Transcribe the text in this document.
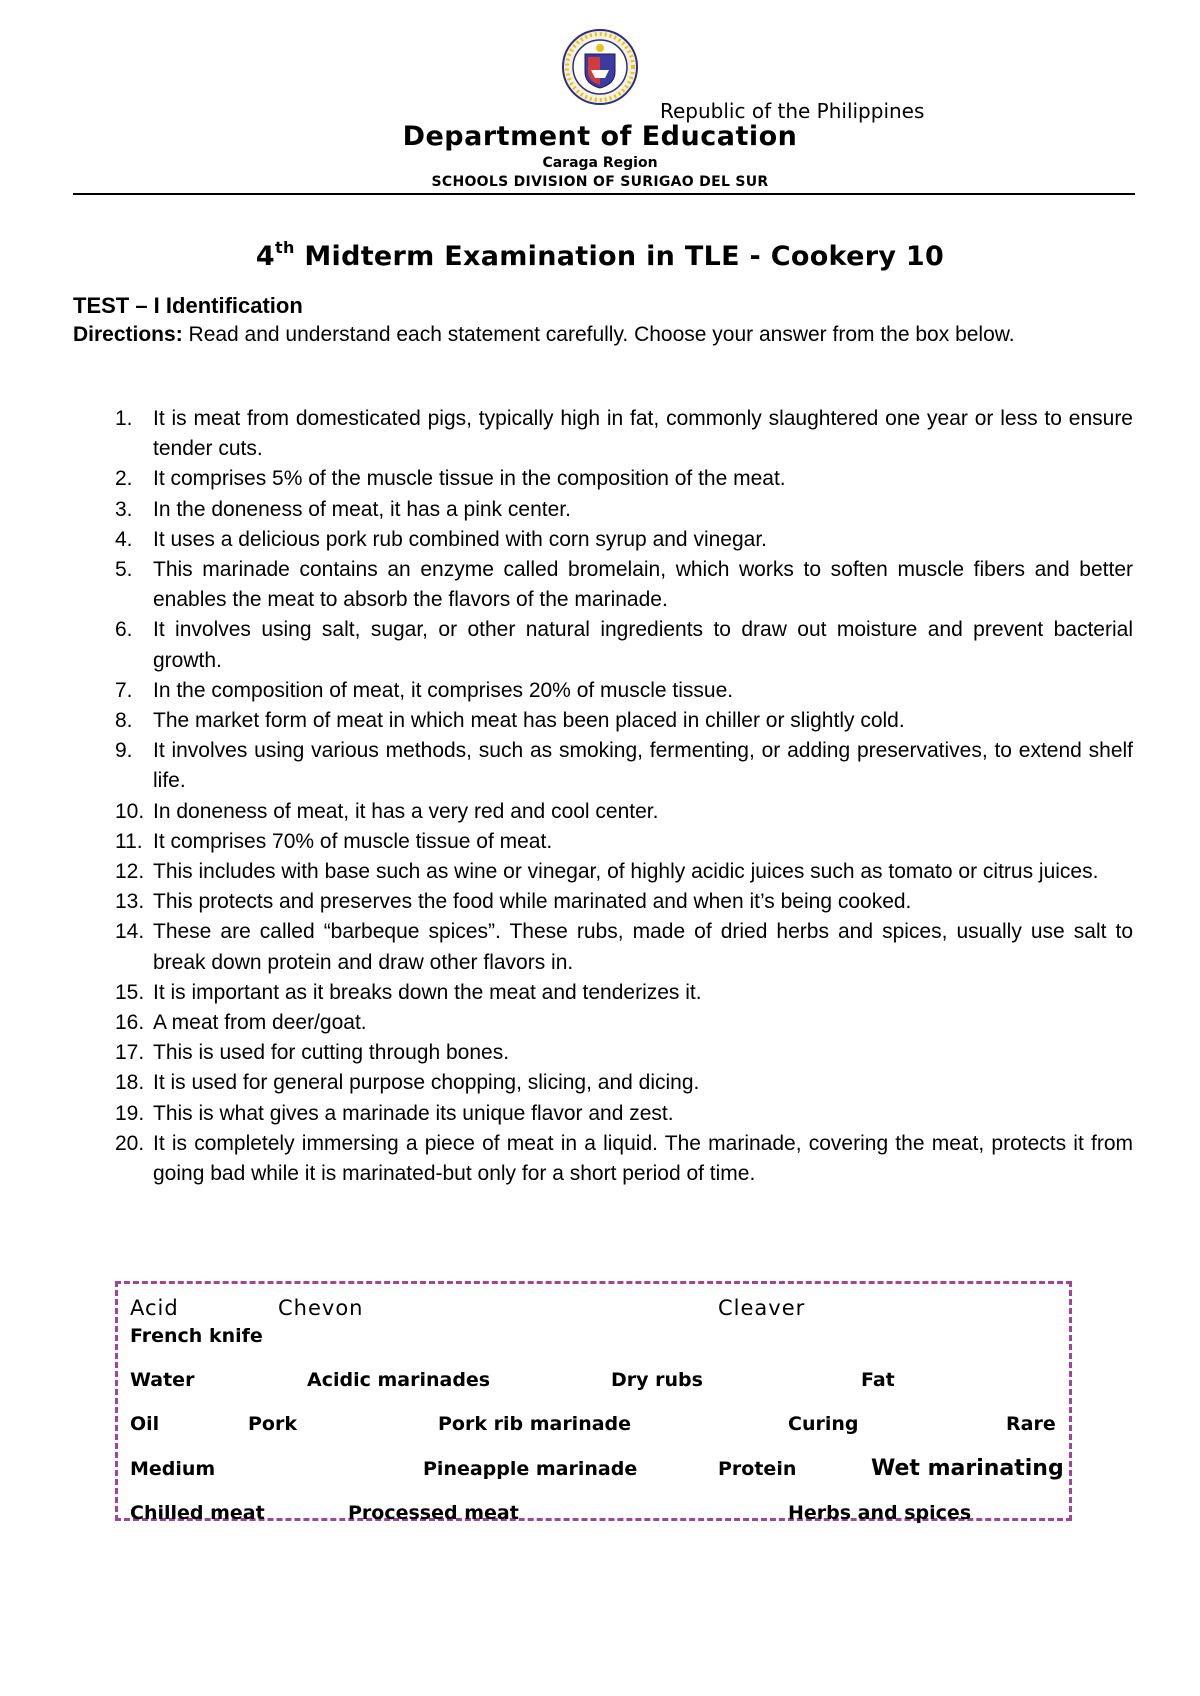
Republic of the Philippines
Department of Education
Caraga Region
SCHOOLS DIVISION OF SURIGAO DEL SUR
4th Midterm Examination in TLE - Cookery 10
TEST – I Identification
Directions: Read and understand each statement carefully. Choose your answer from the box below.
1. It is meat from domesticated pigs, typically high in fat, commonly slaughtered one year or less to ensure tender cuts.
2. It comprises 5% of the muscle tissue in the composition of the meat.
3. In the doneness of meat, it has a pink center.
4. It uses a delicious pork rub combined with corn syrup and vinegar.
5. This marinade contains an enzyme called bromelain, which works to soften muscle fibers and better enables the meat to absorb the flavors of the marinade.
6. It involves using salt, sugar, or other natural ingredients to draw out moisture and prevent bacterial growth.
7. In the composition of meat, it comprises 20% of muscle tissue.
8. The market form of meat in which meat has been placed in chiller or slightly cold.
9. It involves using various methods, such as smoking, fermenting, or adding preservatives, to extend shelf life.
10. In doneness of meat, it has a very red and cool center.
11. It comprises 70% of muscle tissue of meat.
12. This includes with base such as wine or vinegar, of highly acidic juices such as tomato or citrus juices.
13. This protects and preserves the food while marinated and when it’s being cooked.
14. These are called “barbeque spices”. These rubs, made of dried herbs and spices, usually use salt to break down protein and draw other flavors in.
15. It is important as it breaks down the meat and tenderizes it.
16. A meat from deer/goat.
17. This is used for cutting through bones.
18. It is used for general purpose chopping, slicing, and dicing.
19. This is what gives a marinade its unique flavor and zest.
20. It is completely immersing a piece of meat in a liquid. The marinade, covering the meat, protects it from going bad while it is marinated-but only for a short period of time.
Acid	Chevon	Cleaver
French knife
Water	Acidic marinades	Dry rubs	Fat
Oil	Pork	Pork rib marinade	Curing	Rare
Medium	Pineapple marinade	Protein	Wet marinating
Chilled meat	Processed meat	Herbs and spices
